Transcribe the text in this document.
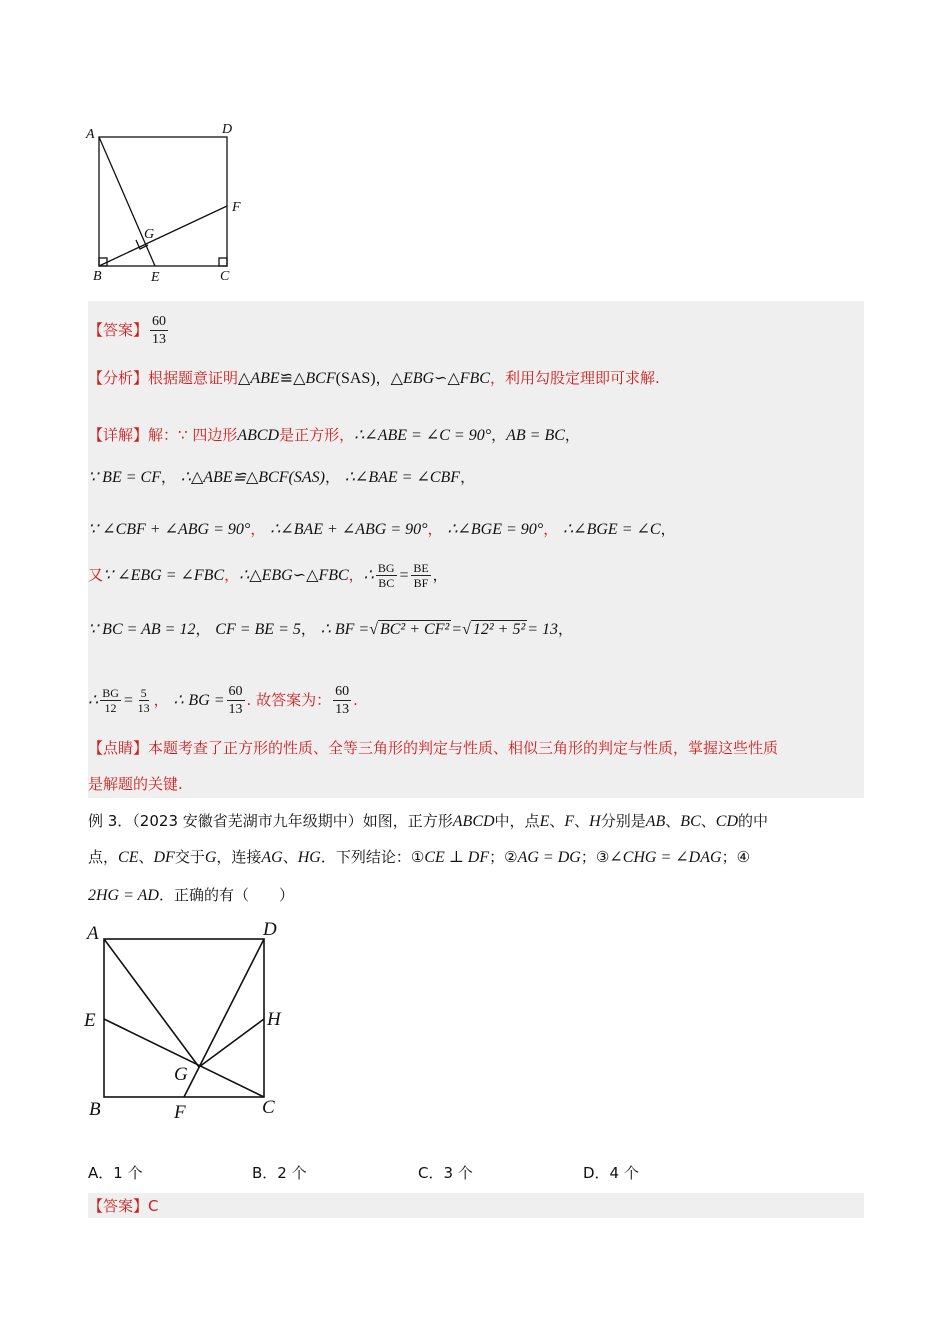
A	D
F
G
B	E	C
【答案】 $\frac{60}{13}$
【分析】根据题意证明△ABE≌△BCF(SAS)，△EBG∽△FBC，利用勾股定理即可求解.
【详解】解：∵ 四边形ABCD是正方形，∴∠ABE = ∠C = 90°，AB = BC，
∵ BE = CF， ∴△ABE≌△BCF(SAS)， ∴∠BAE = ∠CBF，
∵ ∠CBF + ∠ABG = 90°， ∴∠BAE + ∠ABG = 90°， ∴∠BGE = 90°， ∴∠BGE = ∠C，
又∵ ∠EBG = ∠FBC，∴△EBG∽△FBC，∴ $\frac{BG}{BC} = \frac{BE}{BF}$ ，
∵ BC = AB = 12， CF = BE = 5， ∴ BF =√ BC² + CF² =√ 12² + 5² = 13，
∴ $\frac{BG}{12} = \frac{5}{13}$ ， ∴ BG = $\frac{60}{13}$ . 故答案为： $\frac{60}{13}$ .
【点睛】本题考查了正方形的性质、全等三角形的判定与性质、相似三角形的判定与性质，掌握这些性质
是解题的关键.
例 3．（2023 安徽省芜湖市九年级期中）如图，正方形ABCD中，点E、F、H分别是AB、BC、CD的中
点，CE、DF交于G，连接AG、HG．下列结论：①CE ⊥ DF；②AG = DG；③∠CHG = ∠DAG；④
2HG = AD．正确的有（　　）
A	D
E	H
G
B	F	C
A．1 个	B．2 个	C．3 个	D．4 个
【答案】C
